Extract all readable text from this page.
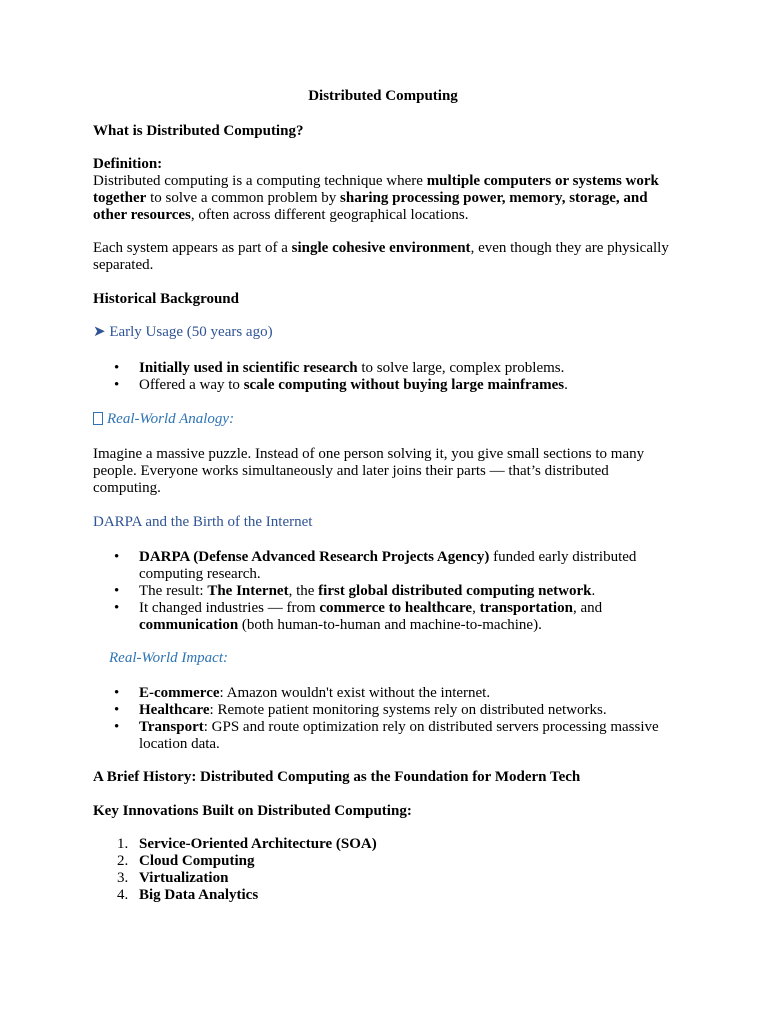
Distributed Computing

What is Distributed Computing?

Definition:

Distributed computing is a computing technique where multiple computers or systems work together to solve a common problem by sharing processing power, memory, storage, and other resources, often across different geographical locations.

Each system appears as part of a single cohesive environment, even though they are physically separated.

Historical Background

➤ Early Usage (50 years ago)

• Initially used in scientific research to solve large, complex problems.
• Offered a way to scale computing without buying large mainframes.

Real-World Analogy:

Imagine a massive puzzle. Instead of one person solving it, you give small sections to many people. Everyone works simultaneously and later joins their parts — that’s distributed computing.

DARPA and the Birth of the Internet

• DARPA (Defense Advanced Research Projects Agency) funded early distributed computing research.
• The result: The Internet, the first global distributed computing network.
• It changed industries — from commerce to healthcare, transportation, and communication (both human-to-human and machine-to-machine).

Real-World Impact:

• E-commerce: Amazon wouldn't exist without the internet.
• Healthcare: Remote patient monitoring systems rely on distributed networks.
• Transport: GPS and route optimization rely on distributed servers processing massive location data.

A Brief History: Distributed Computing as the Foundation for Modern Tech

Key Innovations Built on Distributed Computing:

1. Service-Oriented Architecture (SOA)
2. Cloud Computing
3. Virtualization
4. Big Data Analytics
